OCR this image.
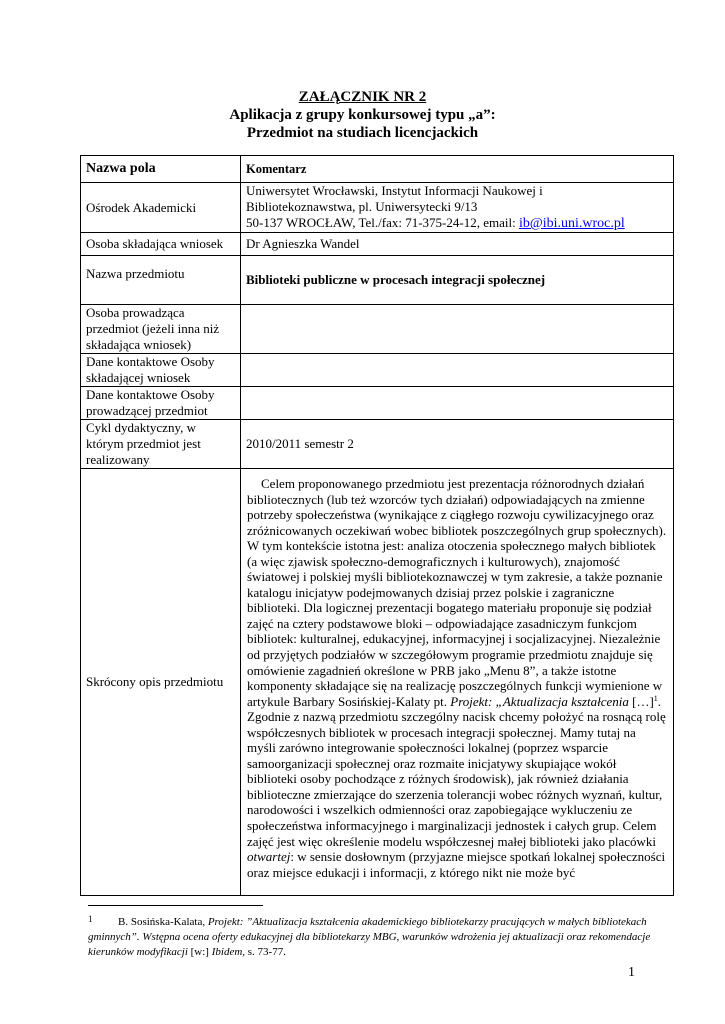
ZAŁĄCZNIK NR 2
Aplikacja z grupy konkursowej typu „a”:
Przedmiot na studiach licencjackich
Nazwa pola	Komentarz
Ośrodek Akademicki	Uniwersytet Wrocławski, Instytut Informacji Naukowej i
Bibliotekoznawstwa, pl. Uniwersytecki 9/13
50-137 WROCŁAW, Tel./fax: 71-375-24-12, email: ib@ibi.uni.wroc.pl

Osoba składająca wniosek	Dr Agnieszka Wandel
Nazwa przedmiotu	Biblioteki publiczne w procesach integracji społecznej
Osoba prowadząca przedmiot (jeżeli inna niż składająca wniosek)	
Dane kontaktowe Osoby składającej wniosek	
Dane kontaktowe Osoby prowadzącej przedmiot	
Cykl dydaktyczny, w którym przedmiot jest realizowany	2010/2011 semestr 2
Skrócony opis przedmiotu	Celem proponowanego przedmiotu jest prezentacja różnorodnych działań bibliotecznych (lub też wzorców tych działań) odpowiadających na zmienne potrzeby społeczeństwa (wynikające z ciągłego rozwoju cywilizacyjnego oraz zróżnicowanych oczekiwań wobec bibliotek poszczególnych grup społecznych). W tym kontekście istotna jest: analiza otoczenia społecznego małych bibliotek (a więc zjawisk społeczno-demograficznych i kulturowych), znajomość światowej i polskiej myśli bibliotekoznawczej w tym zakresie, a także poznanie katalogu inicjatyw podejmowanych dzisiaj przez polskie i zagraniczne biblioteki. Dla logicznej prezentacji bogatego materiału proponuje się podział zajęć na cztery podstawowe bloki – odpowiadające zasadniczym funkcjom bibliotek: kulturalnej, edukacyjnej, informacyjnej i socjalizacyjnej. Niezależnie od przyjętych podziałów w szczegółowym programie przedmiotu znajduje się omówienie zagadnień określone w PRB jako „Menu 8”, a także istotne komponenty składające się na realizację poszczególnych funkcji wymienione w artykule Barbary Sosińskiej-Kalaty pt. Projekt: „Aktualizacja kształcenia […]$^1$. Zgodnie z nazwą przedmiotu szczególny nacisk chcemy położyć na rosnącą rolę współczesnych bibliotek w procesach integracji społecznej. Mamy tutaj na myśli zarówno integrowanie społeczności lokalnej (poprzez wsparcie samoorganizacji społecznej oraz rozmaite inicjatywy skupiające wokół biblioteki osoby pochodzące z różnych środowisk), jak również działania biblioteczne zmierzające do szerzenia tolerancji wobec różnych wyznań, kultur, narodowości i wszelkich odmienności oraz zapobiegające wykluczeniu ze społeczeństwa informacyjnego i marginalizacji jednostek i całych grup. Celem zajęć jest więc określenie modelu współczesnej małej biblioteki jako placówki otwartej: w sensie dosłownym (przyjazne miejsce spotkań lokalnej społeczności oraz miejsce edukacji i informacji, z którego nikt nie może być

1 B. Sosińska-Kalata, Projekt: ”Aktualizacja kształcenia akademickiego bibliotekarzy pracujących w małych bibliotekach gminnych”. Wstępna ocena oferty edukacyjnej dla bibliotekarzy MBG, warunków wdrożenia jej aktualizacji oraz rekomendacje kierunków modyfikacji [w:] Ibidem, s. 73-77.
1
